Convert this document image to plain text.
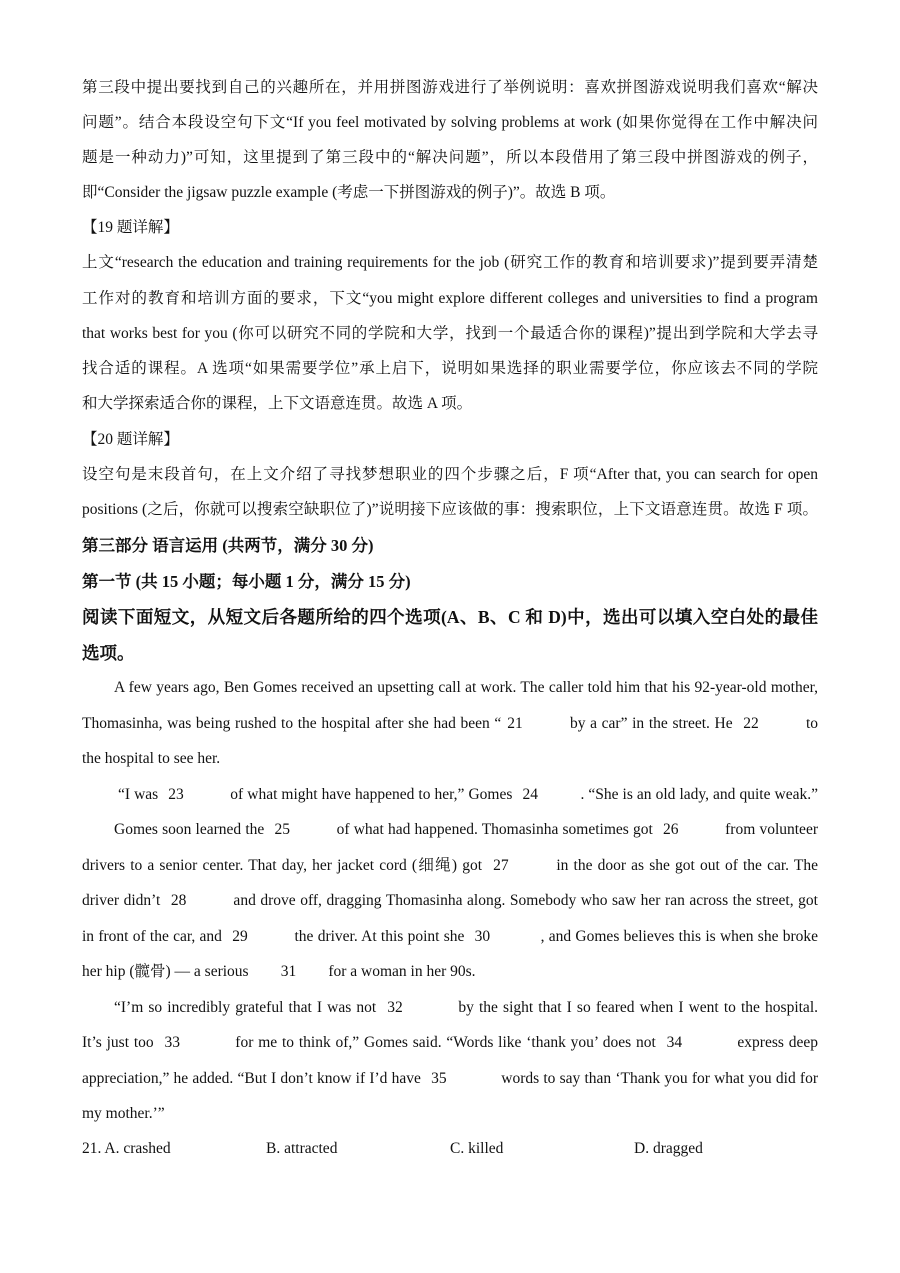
第三段中提出要找到自己的兴趣所在，并用拼图游戏进行了举例说明：喜欢拼图游戏说明我们喜欢“解决
问题”。结合本段设空句下文“If you feel motivated by solving problems at work (如果你觉得在工作中解决问
题是一种动力)”可知，这里提到了第三段中的“解决问题”，所以本段借用了第三段中拼图游戏的例子，
即“Consider the jigsaw puzzle example (考虑一下拼图游戏的例子)”。故选 B 项。
【19 题详解】
上文“research the education and training requirements for the job (研究工作的教育和培训要求)”提到要弄清楚
工作对的教育和培训方面的要求，下文“you might explore different colleges and universities to find a program
that works best for you (你可以研究不同的学院和大学，找到一个最适合你的课程)”提出到学院和大学去寻
找合适的课程。A 选项“如果需要学位”承上启下，说明如果选择的职业需要学位，你应该去不同的学院
和大学探索适合你的课程，上下文语意连贯。故选 A 项。
【20 题详解】
设空句是末段首句，在上文介绍了寻找梦想职业的四个步骤之后，F 项“After that, you can search for open
positions (之后，你就可以搜索空缺职位了)”说明接下应该做的事：搜索职位，上下文语意连贯。故选 F 项。
第三部分 语言运用 (共两节，满分 30 分)
第一节 (共 15 小题；每小题 1 分，满分 15 分)
阅读下面短文，从短文后各题所给的四个选项(A、B、C 和 D)中，选出可以填入空白处的最佳
选项。
A few years ago, Ben Gomes received an upsetting call at work. The caller told him that his 92-year-old mother,
Thomasinha, was being rushed to the hospital after she had been “ 21	by a car” in the street. He 22	to
the hospital to see her.
“I was 23	of what might have happened to her,” Gomes 24	. “She is an old lady, and quite weak.”
Gomes soon learned the 25	of what had happened. Thomasinha sometimes got 26	from volunteer
drivers to a senior center. That day, her jacket cord (细绳) got 27	in the door as she got out of the car. The
driver didn’t 28	and drove off, dragging Thomasinha along. Somebody who saw her ran across the street, got
in front of the car, and 29	the driver. At this point she 30	, and Gomes believes this is when she broke
her hip (髋骨) — a serious 31 for a woman in her 90s.
“I’m so incredibly grateful that I was not 32	by the sight that I so feared when I went to the hospital.
It’s just too 33	for me to think of,” Gomes said. “Words like ‘thank you’ does not 34	express deep
appreciation,” he added. “But I don’t know if I’d have 35	words to say than ‘Thank you for what you did for
my mother.’”
21. A. crashed	B. attracted	C. killed	D. dragged
